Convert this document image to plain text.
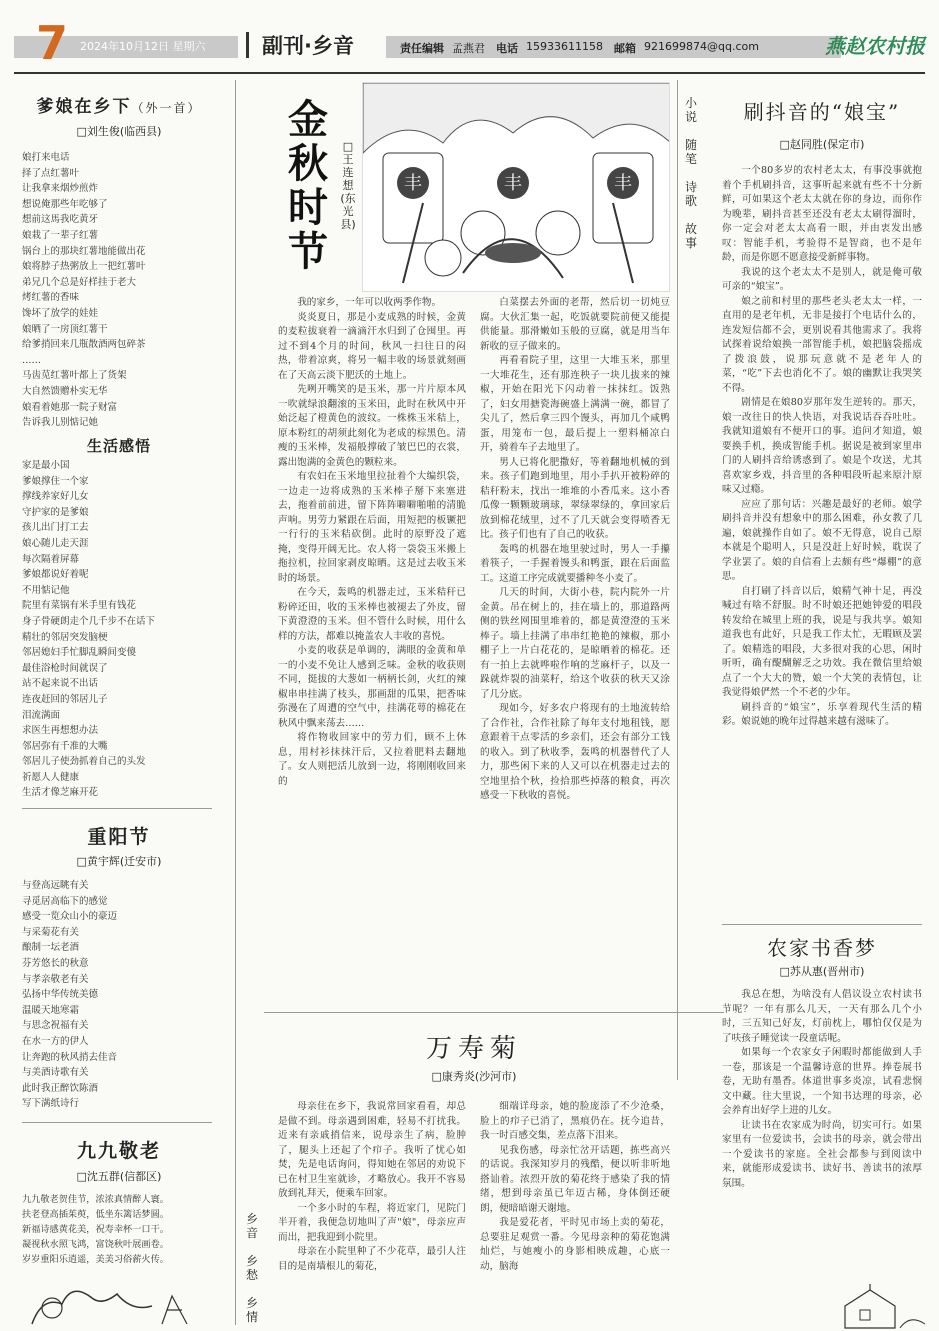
7 2024年10月12日 星期六	副刊·乡音	责任编辑 孟燕君 电话 15933611158 邮箱 921699874@qq.com	燕赵农村报
爹娘在乡下（外一首）
□刘生俊(临西县)
娘打来电话
择了点红薯叶
让我拿来烟炒煎炸
想说俺那些年吃够了
想前这馬我吃黄牙
娘栽了一辈子红薯
锅台上的那块红薯地能做出花
娘将脖子热粥放上一把红薯叶
弟兄几个总是好样挂于老大
烤红薯的香味
馋坏了放学的娃娃
娘晒了一房顶红薯干
给爹捎回来几瓶散酒两包碎茶
……
马齿苋红薯叶都上了货架
大自然馈赠朴实无华
娘看着她那一院子财富
告诉我儿别惦记她
生活感悟
家是最小国
爹娘撑住一个家
撑线养家好儿女
守护家的是爹娘
孩儿出门打工去
娘心随儿走天涯
每次隔着屏幕
爹娘都说好着呢
不用惦记他
院里有菜锅有米手里有钱花
身子骨硬朗走个几千步不在话下
精壮的邻居突发脑梗
邻居媳妇手忙脚乱瞬间变傻
最佳浴枪时间就误了
站不起来说不出话
连夜赶回的邻居儿子
泪流满面
求医生再想想办法
邻居弥有千准的大嘴
邻居儿子使劲抓着自己的头发
祈愿人人健康
生活才像芝麻开花
重阳节
□黄宇辉(迁安市)
与登高远眺有关
寻觅居高临下的感觉
感受一览众山小的豪迈
与采菊花有关
酿制一坛老酒
芬芳悠长的秋意
与孝亲敬老有关
弘扬中华传统美德
温暖天地寒霜
与思念祝福有关
在水一方的伊人
让奔跑的秋风捎去佳音
与美酒诗歌有关
此时我正醉饮陈酒
写下满纸诗行
九九敬老
□沈五群(信都区)
九九敬老贺佳节，浓浓真情醉人寰。
扶老登高插茱萸，低坐东篱话梦圆。
新福诗感黄花美，祝寿幸杯一口干。
凝视秋水照飞鸿，富饶秋叶展画卷。
岁岁重阳乐逍遥，美美习俗薪火传。
金秋时节
□王连想(东光县)
丰	丰
丰

我的家乡，一年可以收两季作物。

炎炎夏日，那是小麦成熟的时候，金黄的麦粒拔衰着一滴滴汗水归到了仓囤里。再过不到4个月的时间，秋风一扫往日的闷热，带着凉爽，将另一幅丰收的场景就刻画在了天高云淡下肥沃的土地上。

先咧开嘴笑的是玉米，那一片片原本风一吹就绿浪翻滚的玉米田，此时在秋风中开始泛起了橙黄色的波纹。一株株玉米秸上，原本粉红的胡须此刻化为老成的棕黑色。清瘦的玉米棒，发福般撑破了皱巴巴的衣裳，露出饱满的金黄色的颗粒来。

有农妇在玉米地里拉扯着个大编织袋，一边走一边将成熟的玉米棒子掰下来塞进去，拖着前前进，留下阵阵噼噼啪啪的清脆声响。男劳力紧跟在后面，用短把的板镢把一行行的玉米秸砍倒。此时的原野没了遮掩，变得开阔无比。农人将一袋袋玉米搬上拖拉机，拉回家剥皮晾晒。这是过去收玉米时的场景。

在今天，轰鸣的机器走过，玉米秸秆已粉碎还田，收的玉米棒也被褪去了外皮，留下黄澄澄的玉米。但不管什么时候，用什么样的方法，都难以掩盖农人丰收的喜悦。

小麦的收获是单调的，满眼的金黄和单一的小麦不免让人感到乏味。金秋的收获则不同，挺拔的大葱如一柄柄长剑，火红的辣椒串串挂满了枝头，那画甜的瓜果，把香味弥漫在了周遭的空气中，挂满花萼的棉花在秋风中飘来荡去……

将作物收回家中的劳力们，顾不上休息，用村衫抹抹汗后，又拉着肥料去翻地了。女人则把活儿放到一边，将刚刚收回来的

白菜摆去外面的老帮，然后切一切炖豆腐。大伙汇集一起，吃饭就要院前便又能提供能量。那滑嫩如玉般的豆腐，就是用当年新收的豆子做来的。

再看看院子里，这里一大堆玉米，那里一大堆花生，还有那连秧子一块儿拔来的辣椒，开始在阳光下闪动着一抹抹红。饭熟了，妇女用搪瓷海碗盛上满满一碗，都冒了尖儿了，然后拿三四个馒头，再加几个咸鸭蛋，用笼布一包，最后提上一塑料桶凉白开，骑着车子去地里了。

男人已将化肥撒好，等着翻地机械的到来。孩子们跑到地里，用小手扒开被粉碎的秸秆粉末，找出一堆堆的小香瓜来。这小香瓜像一颗颗玻璃球，翠绿翠绿的，拿回家后放到棉花绒里，过不了几天就会变得喷香无比。孩子们也有了自己的收获。

轰鸣的机器在地里驶过时，男人一手攥着筷子，一手握着馒头和鸭蛋，跟在后面监工。这道工序完成就要播种冬小麦了。

几天的时间，大街小巷，院内院外一片金黄。吊在树上的，挂在墙上的，那道路两侧的铁丝网围里堆着的，都是黄澄澄的玉米棒子。墙上挂满了串串红艳艳的辣椒，那小棚子上一片白花花的，是晾晒着的棉花。还有一拍上去就哗啦作响的芝麻杆子，以及一跺就炸裂的油菜籽，给这个收获的秋天又涂了几分底。

现如今，好多农户将现有的土地流转给了合作社，合作社除了每年支付地租钱，愿意跟着干点零活的乡亲们，还会有部分工钱的收入。到了秋收季，轰鸣的机器替代了人力，那些闲下来的人又可以在机器走过去的空地里拾个秋，捡拾那些掉落的粮食，再次感受一下秋收的喜悦。

万寿菊
□康秀炎(沙河市)

母亲住在乡下，我说常回家看看，却总是做不到。母亲遇到困难，轻易不打扰我。近来有亲戚捎信来，说母亲生了病，脸肿了，腿头上还起了个疖子。我听了忧心如焚，先是电话询问，得知她在邻居的劝说下已在村卫生室就诊，才略放心。我开不容易放到礼拜天，便乘车回家。

一个多小时的车程，将近家门，见院门半开着，我便急切地叫了声"娘"，母亲应声而出，把我迎到小院里。

母亲在小院里种了不少花草，最引人注目的是南墙根儿的菊花，

细端详母亲，她的脸庞添了不少沧桑，脸上的疖子已消了，黑痕仍在。抚今追昔，我一时百感交集，差点落下泪来。

见我伤感，母亲忙岔开话题，拣些高兴的话说。我深知岁月的残酷，便以听非听地搭讪着。浓烈开放的菊花终于感染了我的情绪，想到母亲虽已年迈古稀，身体倒还硬朗，便暗暗谢天谢地。

我是爱花者，平时见市场上卖的菊花，总要驻足观赏一番。今见母亲种的菊花饱满灿烂，与她瘦小的身影相映成趣，心底一动，脑海

小
说
随
笔
诗
歌
故
事
乡
音
乡
愁
乡
情
刷抖音的“娘宝”
□赵同胜(保定市)

一个80多岁的农村老太太，有事没事就抱着个手机刷抖音，这事听起来就有些不十分新鲜，可如果这个老太太就在你的身边，而你作为晚辈，刷抖音甚至还没有老太太刷得溜时，你一定会对老太太高看一眼，并由衷发出感叹：智能手机，考验得不是智商，也不是年龄，而是你愿不愿意接受新鲜事物。

我说的这个老太太不是别人，就是俺可敬可亲的“娘宝”。

娘之前和村里的那些老头老太太一样，一直用的是老年机，无非是接打个电话什么的，连发短信都不会，更别说看其他需求了。我将试探着说给娘换一部智能手机，娘把脑袋摇成了拨浪鼓，说那玩意就不是老年人的菜，“吃”下去也消化不了。娘的幽默让我哭笑不得。

剧情是在娘80岁那年发生逆转的。那天，娘一改往日的快人快语，对我说话吞吞吐吐。我就知道娘有不便开口的事。追问才知道，娘要换手机，换成智能手机。据说是被到家里串门的人刷抖音给诱惑到了。娘是个攻送，尤其喜欢家乡戏，抖音里的各种唱段听起来原汁原味又过瘾。

应应了那句话：兴趣是最好的老师。娘学刷抖音并没有想象中的那么困难，孙女教了几遍，娘就操作自如了。娘不无得意，说自己原本就是个聪明人，只是没赶上好时候，耽误了学业罢了。娘的自信看上去颇有些“爆棚”的意思。

自打刷了抖音以后，娘精气神十足，再没喊过有啥不舒服。时不时娘还把她钟爱的唱段转发给在城里上班的我，说是与我共享。娘知道我也有此好，只是我工作太忙，无暇顾及罢了。娘精选的唱段，大多很对我的心思，闲时听听，确有醍醐解乏之功效。我在微信里给娘点了一个大大的赞，娘一个大笑的表情包，让我觉得娘俨然一个不老的少年。

刷抖音的“娘宝”，乐享着现代生活的精彩。娘说她的晚年过得越来越有滋味了。

农家书香梦
□苏从惠(晋州市)

我总在想，为啥没有人倡议设立农村读书节呢？一年有那么几天，一天有那么几个小时，三五知己好友，灯前枕上，哪怕仅仅是为了呋孩子睡觉读一段童话呢。

如果每一个农家女子闲暇时都能做到人手一卷，那该是一个温馨诗意的世界。捧卷展书卷，无助有墨香。体道世事多炎凉，试看悲悯文中藏。往大里说，一个知书达理的母亲，必会养育出好学上进的儿女。

让读书在农家成为时尚，切实可行。如果家里有一位爱读书，会读书的母亲，就会带出一个爱读书的家庭。全社会都参与到阅读中来，就能形成爱读书、读好书、善读书的浓厚氛围。
